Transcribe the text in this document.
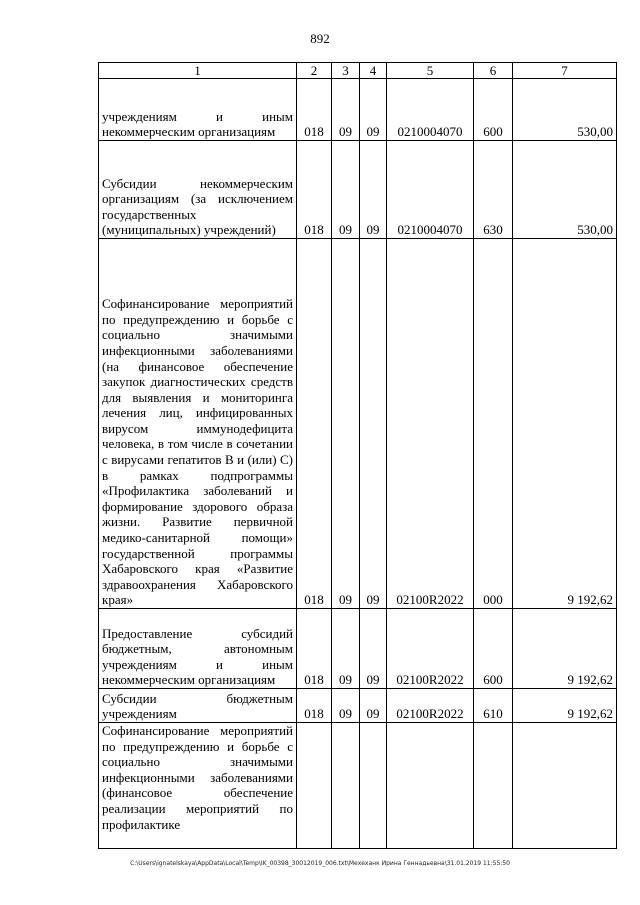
892
1	2	3	4	5	6	7

учреждениям и иным некоммерческим организациям	018	09	09	0210004070	600	530,00

Субсидии некоммерческим организациям (за исключением государственных (муниципальных) учреждений)	018	09	09	0210004070	630	530,00

Софинансирование мероприятий по предупреждению и борьбе с социально значимыми инфекционными заболеваниями (на финансовое обеспечение закупок диагностических средств для выявления и мониторинга лечения лиц, инфицированных вирусом иммунодефицита человека, в том числе в сочетании с вирусами гепатитов В и (или) С) в рамках подпрограммы «Профилактика заболеваний и формирование здорового образа жизни. Развитие первичной медико-санитарной помощи» государственной программы Хабаровского края «Развитие здравоохранения Хабаровского края»	018	09	09	02100R2022	000	9 192,62

Предоставление субсидий бюджетным, автономным учреждениям и иным некоммерческим организациям	018	09	09	02100R2022	600	9 192,62

Субсидии бюджетным учреждениям	018	09	09	02100R2022	610	9 192,62

Софинансирование мероприятий по предупреждению и борьбе с социально значимыми инфекционными заболеваниями (финансовое обеспечение реализации мероприятий по профилактике						

C:\Users\ignatelskaya\AppData\Local\Temp\IK_00398_30012019_006.txt\Мехеханк Ирина Геннадьевна\31.01.2019 11:55:50
